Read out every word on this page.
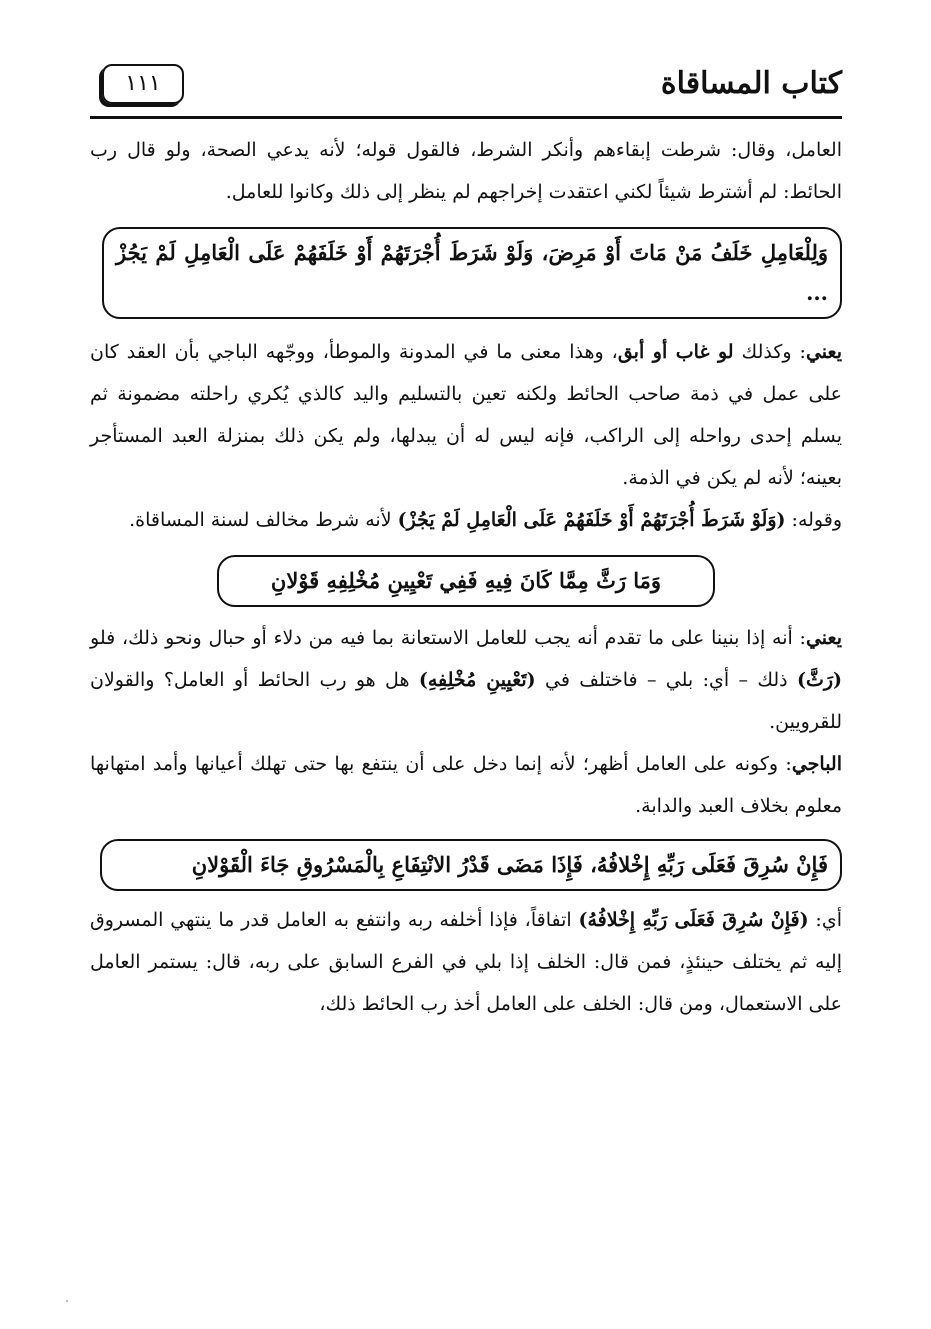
كتاب المساقاة
١١١

العامل، وقال: شرطت إبقاءهم وأنكر الشرط، فالقول قوله؛ لأنه يدعي الصحة، ولو قال رب الحائط: لم أشترط شيئاً لكني اعتقدت إخراجهم لم ينظر إلى ذلك وكانوا للعامل.

وَلِلْعَامِلِ خَلَفُ مَنْ مَاتَ أَوْ مَرِضَ، وَلَوْ شَرَطَ أُجْرَتَهُمْ أَوْ خَلَفَهُمْ عَلَى الْعَامِلِ لَمْ يَجُزْ ...

يعني: وكذلك لو غاب أو أبق، وهذا معنى ما في المدونة والموطأ، ووجّهه الباجي بأن العقد كان على عمل في ذمة صاحب الحائط ولكنه تعين بالتسليم واليد كالذي يُكري راحلته مضمونة ثم يسلم إحدى رواحله إلى الراكب، فإنه ليس له أن يبدلها، ولم يكن ذلك بمنزلة العبد المستأجر بعينه؛ لأنه لم يكن في الذمة.

وقوله: (وَلَوْ شَرَطَ أُجْرَتَهُمْ أَوْ خَلَفَهُمْ عَلَى الْعَامِلِ لَمْ يَجُزْ) لأنه شرط مخالف لسنة المساقاة.

وَمَا رَثَّ مِمَّا كَانَ فِيهِ فَفِي تَعْيِينِ مُخْلِفِهِ قَوْلانِ

يعني: أنه إذا بنينا على ما تقدم أنه يجب للعامل الاستعانة بما فيه من دلاء أو حبال ونحو ذلك، فلو (رَثَّ) ذلك – أي: بلي – فاختلف في (تَعْيِينِ مُخْلِفِهِ) هل هو رب الحائط أو العامل؟ والقولان للقرويين.

الباجي: وكونه على العامل أظهر؛ لأنه إنما دخل على أن ينتفع بها حتى تهلك أعيانها وأمد امتهانها معلوم بخلاف العبد والدابة.

فَإِنْ سُرِقَ فَعَلَى رَبِّهِ إِخْلافُهُ، فَإِذَا مَضَى قَدْرُ الانْتِفَاعِ بِالْمَسْرُوقِ جَاءَ الْقَوْلانِ

أي: (فَإِنْ سُرِقَ فَعَلَى رَبِّهِ إِخْلافُهُ) اتفاقاً، فإذا أخلفه ربه وانتفع به العامل قدر ما ينتهي المسروق إليه ثم يختلف حينئذٍ، فمن قال: الخلف إذا بلي في الفرع السابق على ربه، قال: يستمر العامل على الاستعمال، ومن قال: الخلف على العامل أخذ رب الحائط ذلك،
